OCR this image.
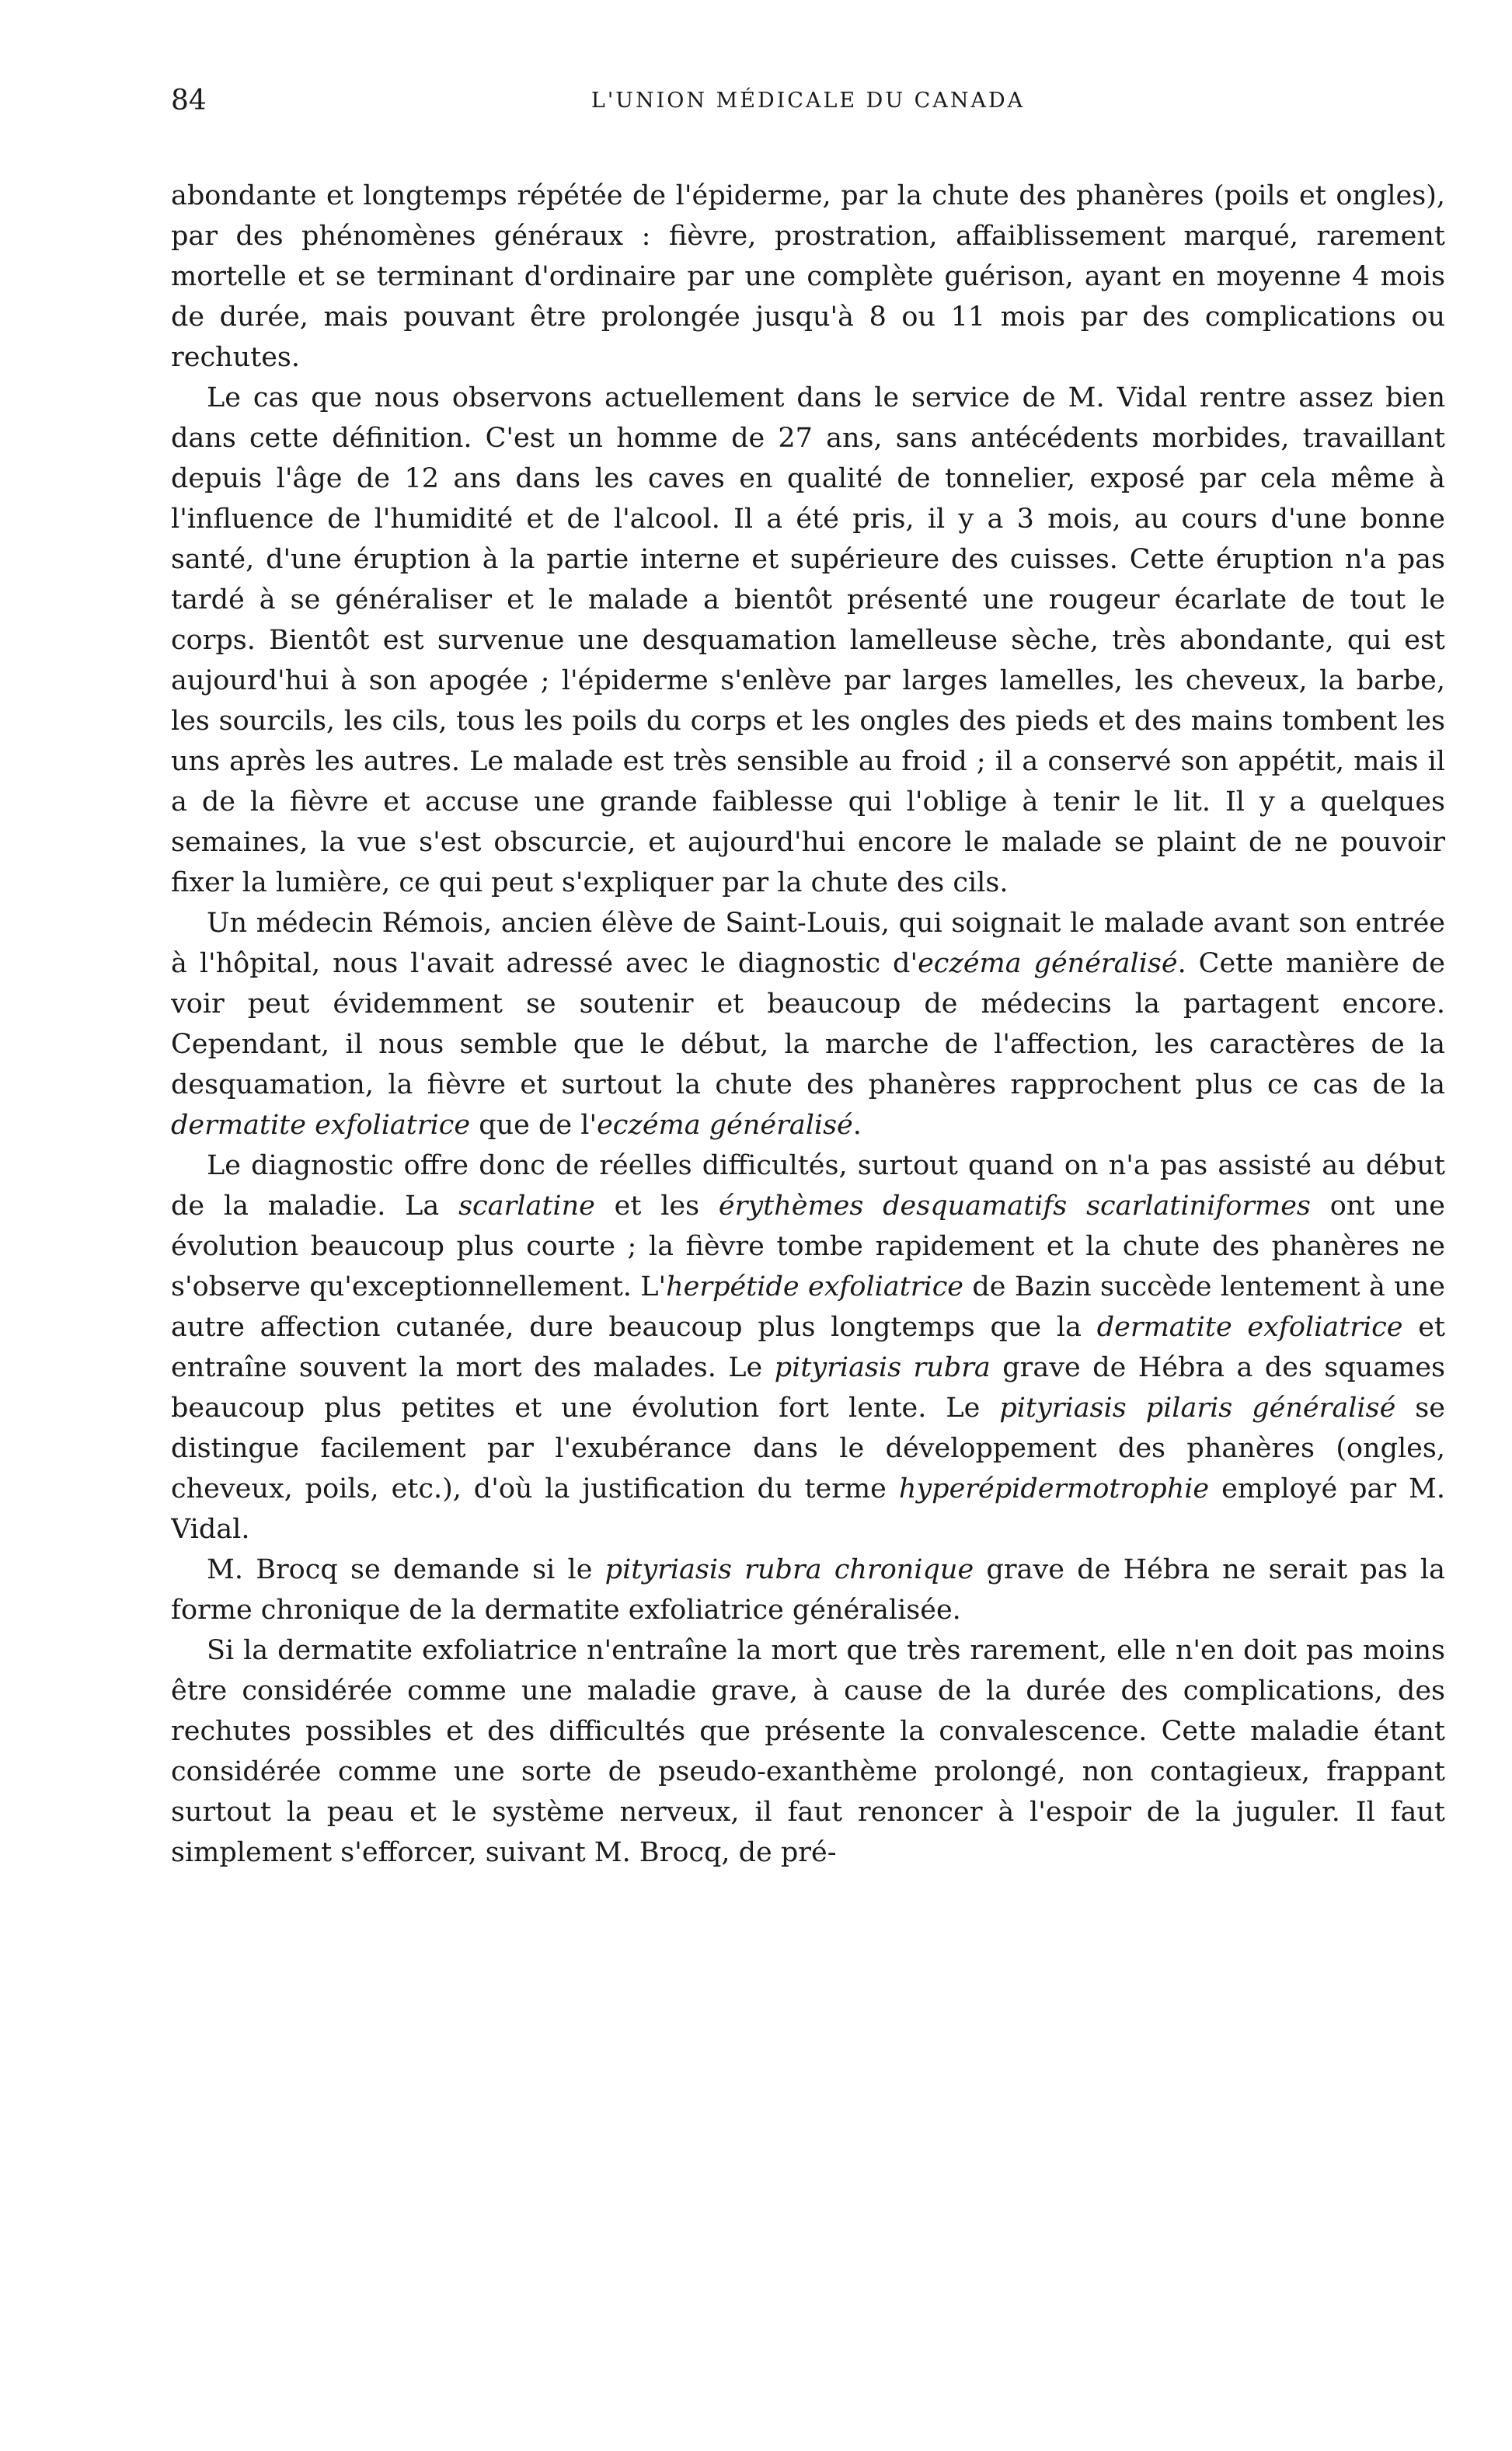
84	L'UNION MÉDICALE DU CANADA

abondante et longtemps répétée de l'épiderme, par la chute des phanères (poils et ongles), par des phénomènes généraux : fièvre, prostration, affaiblissement marqué, rarement mortelle et se terminant d'ordinaire par une complète guérison, ayant en moyenne 4 mois de durée, mais pouvant être prolongée jusqu'à 8 ou 11 mois par des complications ou rechutes.

Le cas que nous observons actuellement dans le service de M. Vidal rentre assez bien dans cette définition. C'est un homme de 27 ans, sans antécédents morbides, travaillant depuis l'âge de 12 ans dans les caves en qualité de tonnelier, exposé par cela même à l'influence de l'humidité et de l'alcool. Il a été pris, il y a 3 mois, au cours d'une bonne santé, d'une éruption à la partie interne et supérieure des cuisses. Cette éruption n'a pas tardé à se généraliser et le malade a bientôt présenté une rougeur écarlate de tout le corps. Bientôt est survenue une desquamation lamelleuse sèche, très abondante, qui est aujourd'hui à son apogée ; l'épiderme s'enlève par larges lamelles, les cheveux, la barbe, les sourcils, les cils, tous les poils du corps et les ongles des pieds et des mains tombent les uns après les autres. Le malade est très sensible au froid ; il a conservé son appétit, mais il a de la fièvre et accuse une grande faiblesse qui l'oblige à tenir le lit. Il y a quelques semaines, la vue s'est obscurcie, et aujourd'hui encore le malade se plaint de ne pouvoir fixer la lumière, ce qui peut s'expliquer par la chute des cils.

Un médecin Rémois, ancien élève de Saint-Louis, qui soignait le malade avant son entrée à l'hôpital, nous l'avait adressé avec le diagnostic d'eczéma généralisé. Cette manière de voir peut évidemment se soutenir et beaucoup de médecins la partagent encore. Cependant, il nous semble que le début, la marche de l'affection, les caractères de la desquamation, la fièvre et surtout la chute des phanères rapprochent plus ce cas de la dermatite exfoliatrice que de l'eczéma généralisé.

Le diagnostic offre donc de réelles difficultés, surtout quand on n'a pas assisté au début de la maladie. La scarlatine et les érythèmes desquamatifs scarlatiniformes ont une évolution beaucoup plus courte ; la fièvre tombe rapidement et la chute des phanères ne s'observe qu'exceptionnellement. L'herpétide exfoliatrice de Bazin succède lentement à une autre affection cutanée, dure beaucoup plus longtemps que la dermatite exfoliatrice et entraîne souvent la mort des malades. Le pityriasis rubra grave de Hébra a des squames beaucoup plus petites et une évolution fort lente. Le pityriasis pilaris généralisé se distingue facilement par l'exubérance dans le développement des phanères (ongles, cheveux, poils, etc.), d'où la justification du terme hyperépidermotrophie employé par M. Vidal.

M. Brocq se demande si le pityriasis rubra chronique grave de Hébra ne serait pas la forme chronique de la dermatite exfoliatrice généralisée.

Si la dermatite exfoliatrice n'entraîne la mort que très rarement, elle n'en doit pas moins être considérée comme une maladie grave, à cause de la durée des complications, des rechutes possibles et des difficultés que présente la convalescence. Cette maladie étant considérée comme une sorte de pseudo-exanthème prolongé, non contagieux, frappant surtout la peau et le système nerveux, il faut renoncer à l'espoir de la juguler. Il faut simplement s'efforcer, suivant M. Brocq, de pré-
